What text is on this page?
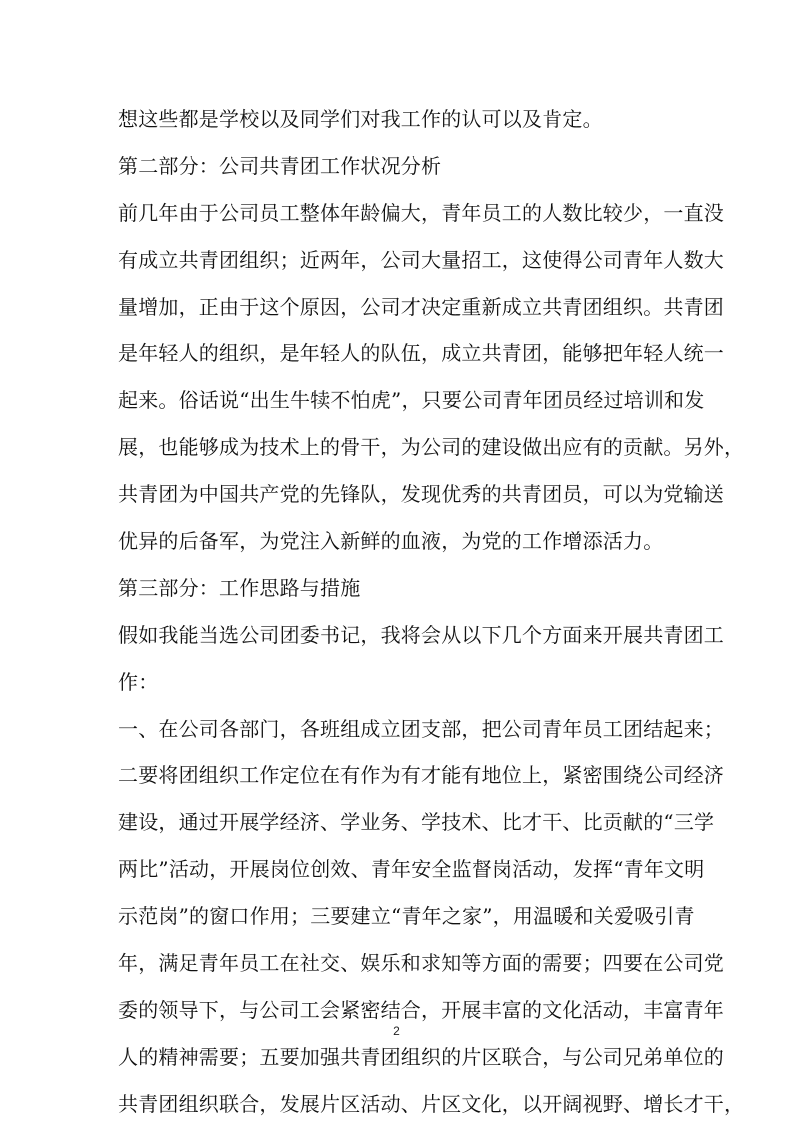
想这些都是学校以及同学们对我工作的认可以及肯定。
第二部分：公司共青团工作状况分析
前几年由于公司员工整体年龄偏大，青年员工的人数比较少，一直没
有成立共青团组织；近两年，公司大量招工，这使得公司青年人数大
量增加，正由于这个原因，公司才决定重新成立共青团组织。共青团
是年轻人的组织，是年轻人的队伍，成立共青团，能够把年轻人统一
起来。俗话说“出生牛犊不怕虎”，只要公司青年团员经过培训和发
展，也能够成为技术上的骨干，为公司的建设做出应有的贡献。另外，
共青团为中国共产党的先锋队，发现优秀的共青团员，可以为党输送
优异的后备军，为党注入新鲜的血液，为党的工作增添活力。
第三部分：工作思路与措施
假如我能当选公司团委书记，我将会从以下几个方面来开展共青团工
作：
一、在公司各部门，各班组成立团支部，把公司青年员工团结起来；
二要将团组织工作定位在有作为有才能有地位上，紧密围绕公司经济
建设，通过开展学经济、学业务、学技术、比才干、比贡献的“三学
两比”活动，开展岗位创效、青年安全监督岗活动，发挥“青年文明
示范岗”的窗口作用；三要建立“青年之家”，用温暖和关爱吸引青
年，满足青年员工在社交、娱乐和求知等方面的需要；四要在公司党
委的领导下，与公司工会紧密结合，开展丰富的文化活动，丰富青年
人的精神需要；五要加强共青团组织的片区联合，与公司兄弟单位的
共青团组织联合，发展片区活动、片区文化，以开阔视野、增长才干，
2
